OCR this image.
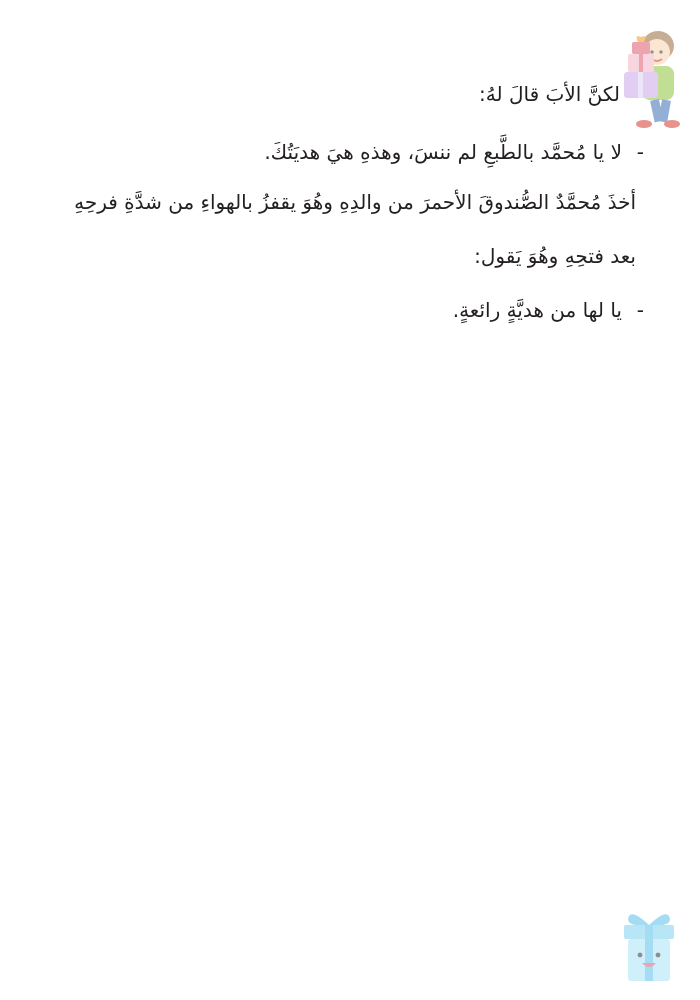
لكنَّ الأبَ قالَ لهُ:
-
لا يا مُحمَّد بالطَّبعِ لم ننسَ، وهذهِ هيَ هديَتُكَ.
أخذَ مُحمَّدٌ الصُّندوقَ الأحمرَ من والدِهِ وهُوَ يقفزُ بالهواءِ من شدَّةِ فرحِهِ
بعد فتحِهِ وهُوَ يَقول:
-
يا لها من هديَّةٍ رائعةٍ.
